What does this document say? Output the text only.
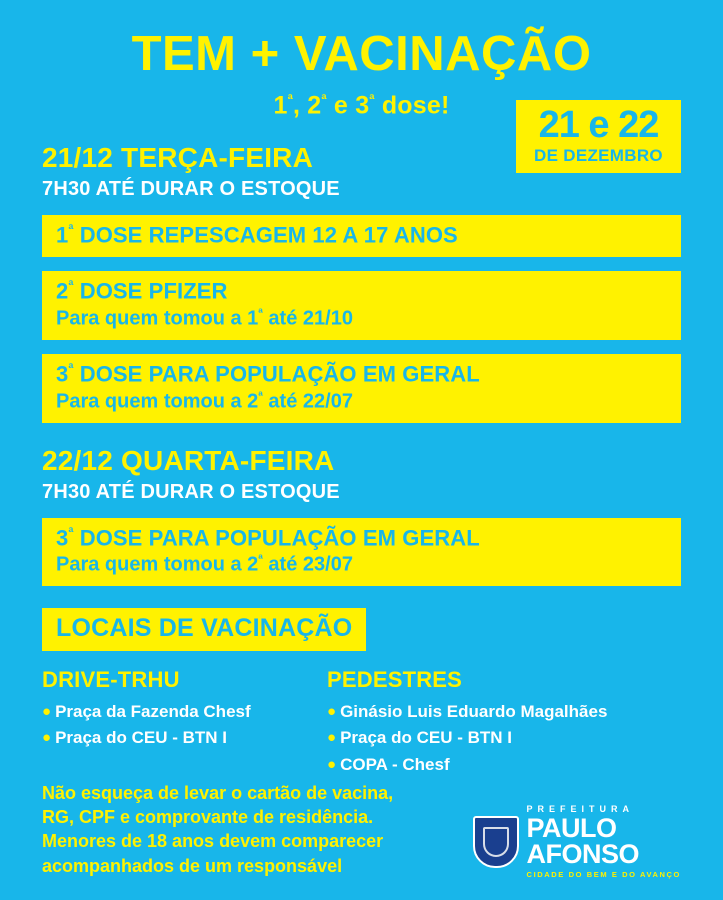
TEM + VACINAÇÃO
$1^ª$, $2^ª$ e $3^ª$ dose!	21 e 22
DE DEZEMBRO
21/12 TERÇA-FEIRA
7H30 ATÉ DURAR O ESTOQUE
$1^ª$ DOSE REPESCAGEM 12 A 17 ANOS
$2^ª$ DOSE PFIZER
Para quem tomou a $1^ª$ até 21/10
$3^ª$ DOSE PARA POPULAÇÃO EM GERAL
Para quem tomou a $2^ª$ até 22/07
22/12 QUARTA-FEIRA
7H30 ATÉ DURAR O ESTOQUE
$3^ª$ DOSE PARA POPULAÇÃO EM GERAL
Para quem tomou a $2^ª$ até 23/07
LOCAIS DE VACINAÇÃO
DRIVE-TRHU
● Praça da Fazenda Chesf
● Praça do CEU - BTN I
PEDESTRES
● Ginásio Luis Eduardo Magalhães
● Praça do CEU - BTN I
● COPA - Chesf
Não esqueça de levar o cartão de vacina,
RG, CPF e comprovante de residência.
Menores de 18 anos devem comparecer
acompanhados de um responsável
PREFEITURA
PAULO
AFONSO
CIDADE DO BEM E DO AVANÇO
